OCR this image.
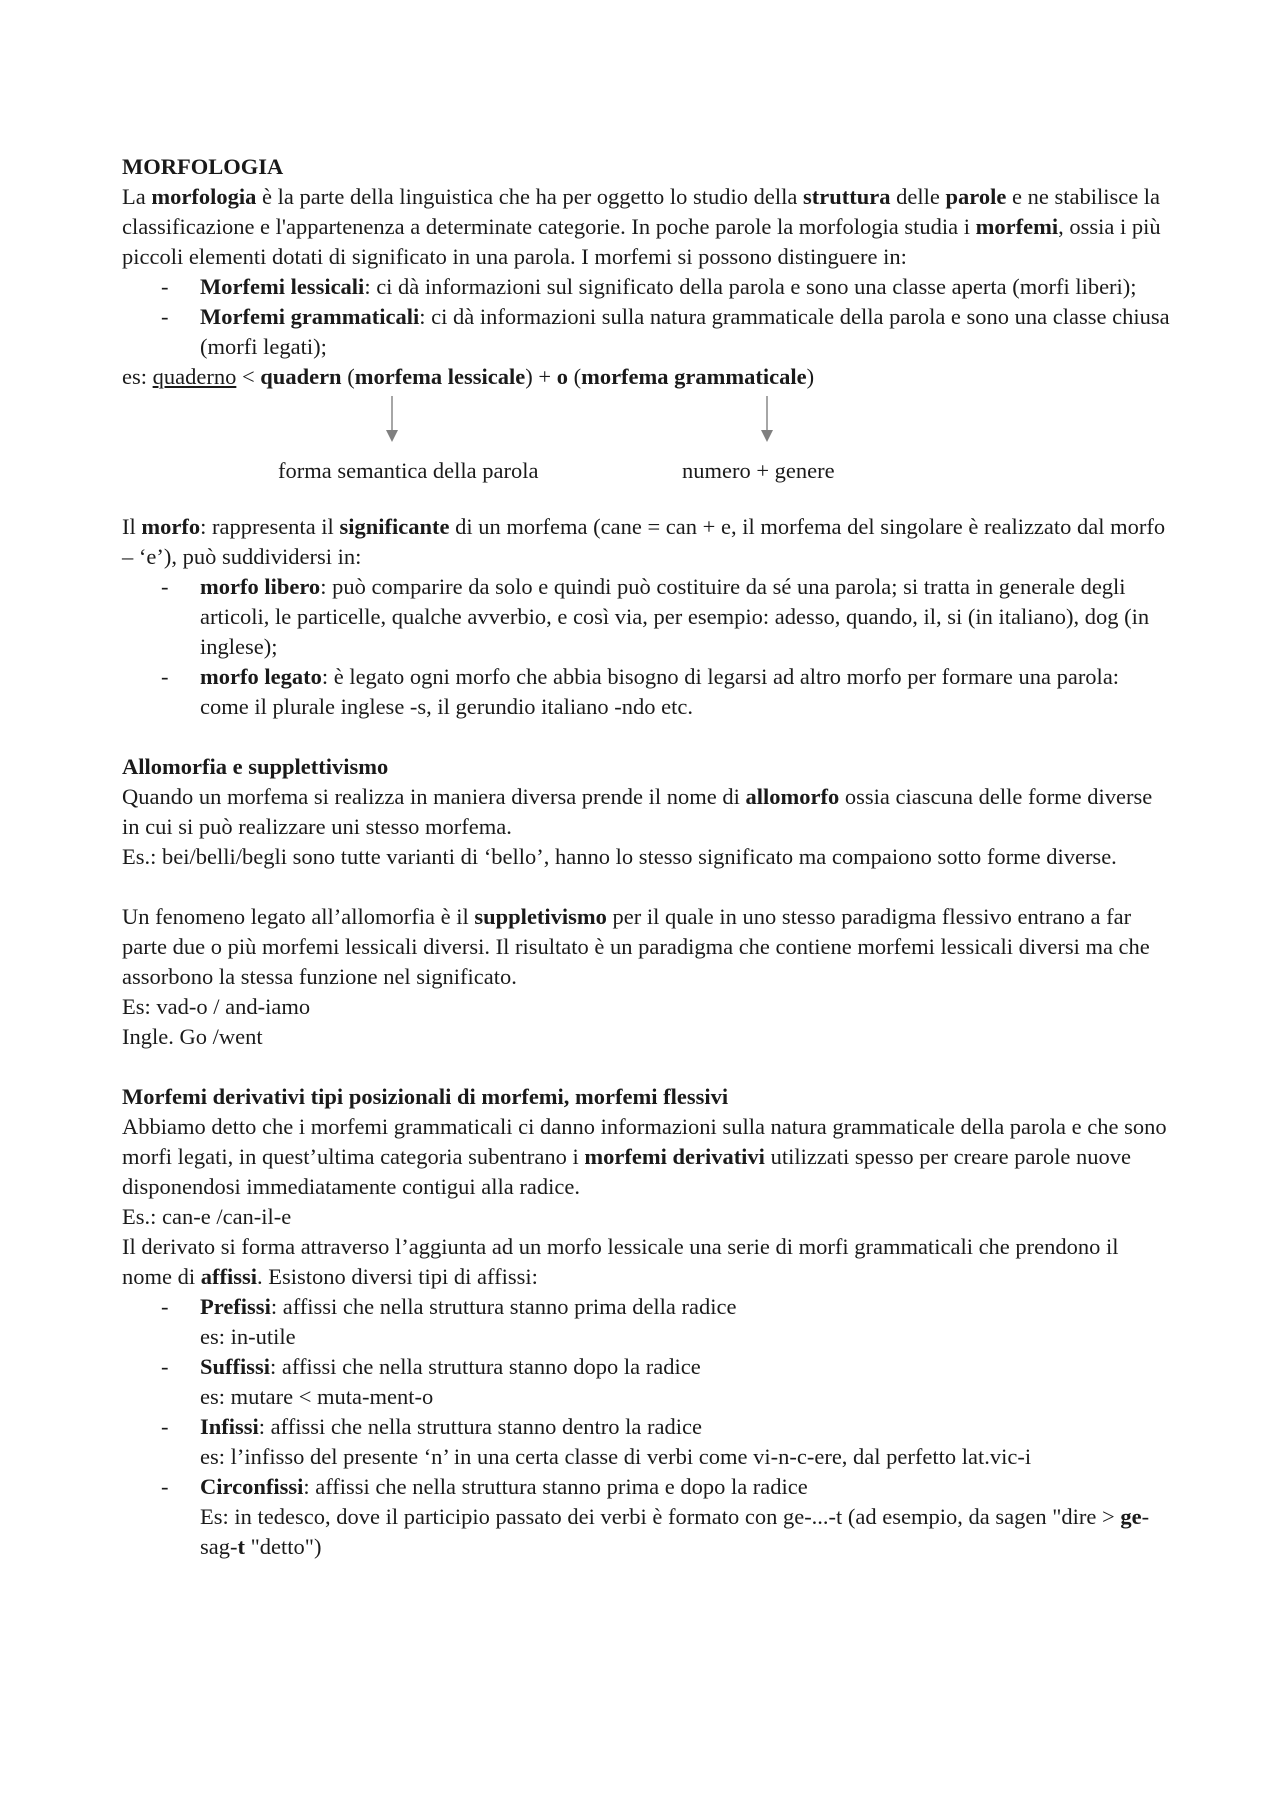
MORFOLOGIA

La morfologia è la parte della linguistica che ha per oggetto lo studio della struttura delle parole e ne stabilisce la classificazione e l'appartenenza a determinate categorie. In poche parole la morfologia studia i morfemi, ossia i più piccoli elementi dotati di significato in una parola. I morfemi si possono distinguere in:

- Morfemi lessicali: ci dà informazioni sul significato della parola e sono una classe aperta (morfi liberi);
- Morfemi grammaticali: ci dà informazioni sulla natura grammaticale della parola e sono una classe chiusa (morfi legati);

es: quaderno < quadern (morfema lessicale) + o (morfema grammaticale)

forma semantica della parola	numero + genere

Il morfo: rappresenta il significante di un morfema (cane = can + e, il morfema del singolare è realizzato dal morfo – ‘e’), può suddividersi in:

- morfo libero: può comparire da solo e quindi può costituire da sé una parola; si tratta in generale degli articoli, le particelle, qualche avverbio, e così via, per esempio: adesso, quando, il, si (in italiano), dog (in inglese);
- morfo legato: è legato ogni morfo che abbia bisogno di legarsi ad altro morfo per formare una parola: come il plurale inglese -s, il gerundio italiano -ndo etc.

Allomorfia e supplettivismo

Quando un morfema si realizza in maniera diversa prende il nome di allomorfo ossia ciascuna delle forme diverse in cui si può realizzare uni stesso morfema.

Es.: bei/belli/begli sono tutte varianti di ‘bello’, hanno lo stesso significato ma compaiono sotto forme diverse.

Un fenomeno legato all’allomorfia è il suppletivismo per il quale in uno stesso paradigma flessivo entrano a far parte due o più morfemi lessicali diversi. Il risultato è un paradigma che contiene morfemi lessicali diversi ma che assorbono la stessa funzione nel significato.

Es: vad-o / and-iamo

Ingle. Go /went

Morfemi derivativi tipi posizionali di morfemi, morfemi flessivi

Abbiamo detto che i morfemi grammaticali ci danno informazioni sulla natura grammaticale della parola e che sono morfi legati, in quest’ultima categoria subentrano i morfemi derivativi utilizzati spesso per creare parole nuove disponendosi immediatamente contigui alla radice.

Es.: can-e /can-il-e

Il derivato si forma attraverso l’aggiunta ad un morfo lessicale una serie di morfi grammaticali che prendono il nome di affissi. Esistono diversi tipi di affissi:

- Prefissi: affissi che nella struttura stanno prima della radice
es: in-utile
- Suffissi: affissi che nella struttura stanno dopo la radice
es: mutare < muta-ment-o
- Infissi: affissi che nella struttura stanno dentro la radice
es: l’infisso del presente ‘n’ in una certa classe di verbi come vi-n-c-ere, dal perfetto lat.vic-i
- Circonfissi: affissi che nella struttura stanno prima e dopo la radice
Es: in tedesco, dove il participio passato dei verbi è formato con ge-...-t (ad esempio, da sagen "dire > ge-sag-t "detto")
